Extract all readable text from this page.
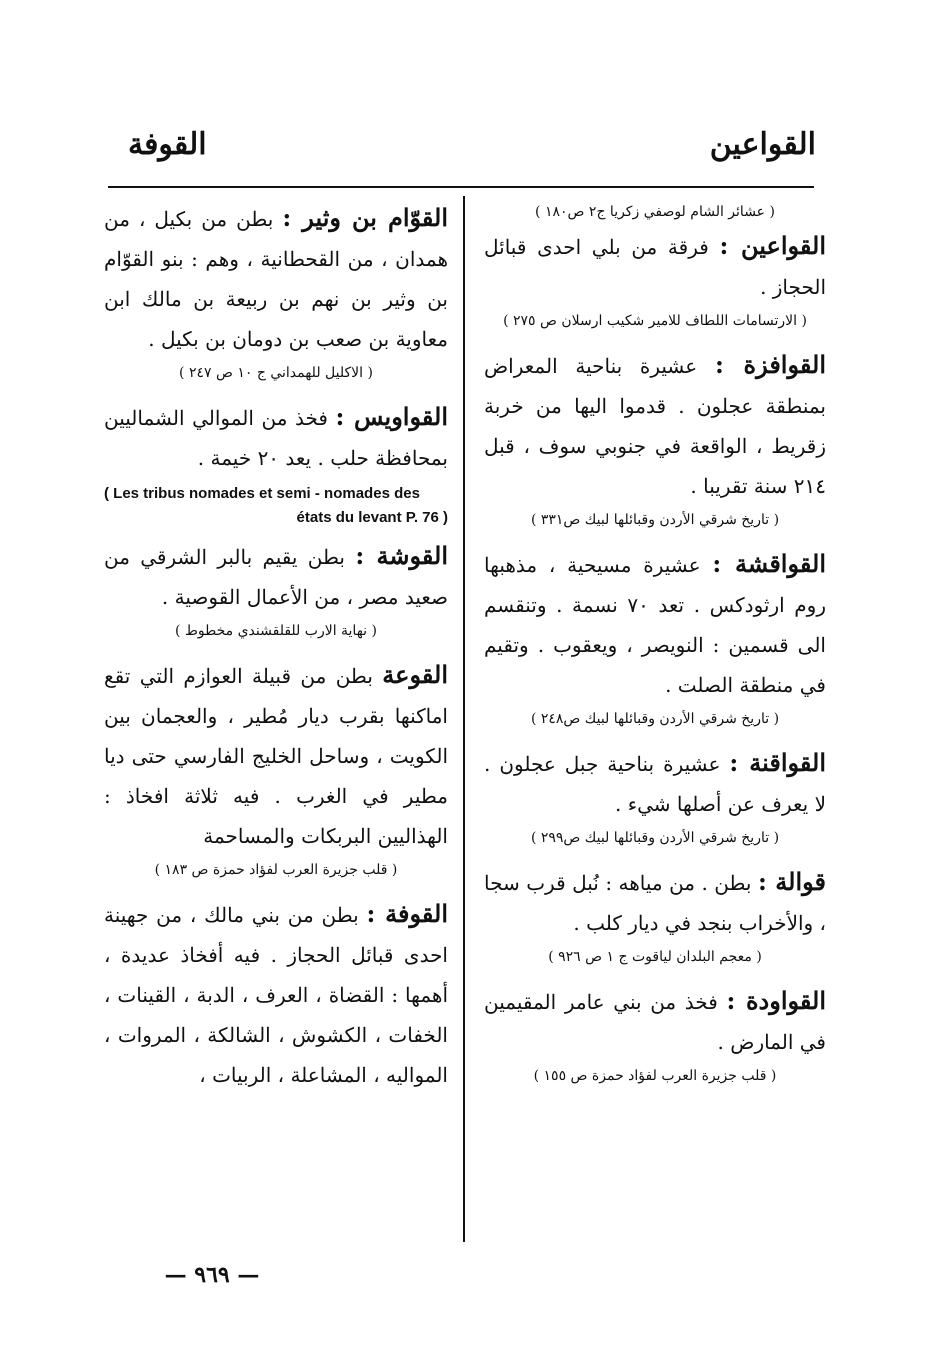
القواعين
القوفة

( عشائر الشام لوصفي زكريا ج٢ ص١٨٠ )

القواعين : فرقة من بلي احدى قبائل الحجاز .

( الارتسامات اللطاف للامير شكيب ارسلان ص ٢٧٥ )

القوافزة : عشيرة بناحية المعراض بمنطقة عجلون . قدموا اليها من خربة زقريط ، الواقعة في جنوبي سوف ، قبل ٢١٤ سنة تقريبا .

( تاريخ شرقي الأردن وقبائلها لبيك ص٣٣١ )

القواقشة : عشيرة مسيحية ، مذهبها روم ارثودكس . تعد ٧٠ نسمة . وتنقسم الى قسمين : النويصر ، ويعقوب . وتقيم في منطقة الصلت .

( تاريخ شرقي الأردن وقبائلها لبيك ص٢٤٨ )

القواقنة : عشيرة بناحية جبل عجلون . لا يعرف عن أصلها شيء .

( تاريخ شرقي الأردن وقبائلها لبيك ص٢٩٩ )

قوالة : بطن . من مياهه : نُبل قرب سجا ، والأخراب بنجد في ديار كلب .

( معجم البلدان لياقوت ج ١ ص ٩٢٦ )

القواودة : فخذ من بني عامر المقيمين في المارض .

( قلب جزيرة العرب لفؤاد حمزة ص ١٥٥ )

القوّام بن وثير : بطن من بكيل ، من همدان ، من القحطانية ، وهم : بنو القوّام بن وثير بن نهم بن ربيعة بن مالك ابن معاوية بن صعب بن دومان بن بكيل .

( الاكليل للهمداني ج ١٠ ص ٢٤٧ )

القواويس : فخذ من الموالي الشماليين بمحافظة حلب . يعد ٢٠ خيمة .

( Les tribus nomades et semi - nomades des états du levant P. 76 )

القوشة : بطن يقيم بالبر الشرقي من صعيد مصر ، من الأعمال القوصية .

( نهاية الارب للقلقشندي مخطوط )

القوعة بطن من قبيلة العوازم التي تقع اماكنها بقرب ديار مُطير ، والعجمان بين الكويت ، وساحل الخليج الفارسي حتى ديا مطير في الغرب . فيه ثلاثة افخاذ : الهذاليين البربكات والمساحمة

( قلب جزيرة العرب لفؤاد حمزة ص ١٨٣ )

القوفة : بطن من بني مالك ، من جهينة احدى قبائل الحجاز . فيه أفخاذ عديدة ، أهمها : القضاة ، العرف ، الدبة ، القينات ، الخفات ، الكشوش ، الشالكة ، المروات ، المواليه ، المشاعلة ، الربيات ،

— ٩٦٩ —
